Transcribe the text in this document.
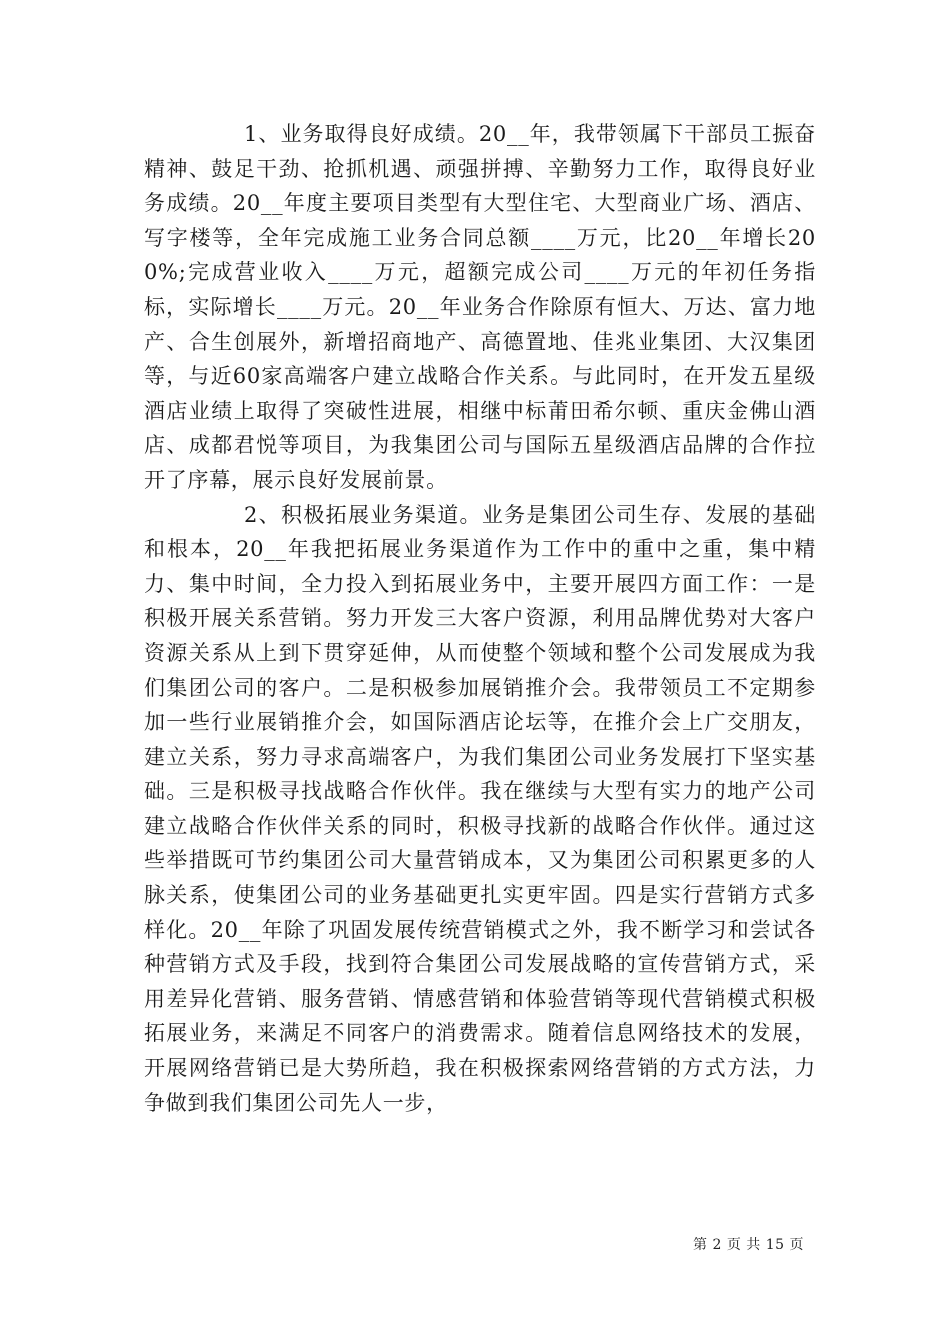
1、业务取得良好成绩。20__年，我带领属下干部员工振奋精神、鼓足干劲、抢抓机遇、顽强拼搏、辛勤努力工作，取得良好业务成绩。20__年度主要项目类型有大型住宅、大型商业广场、酒店、写字楼等，全年完成施工业务合同总额____万元，比20__年增长200%;完成营业收入____万元，超额完成公司____万元的年初任务指标，实际增长____万元。20__年业务合作除原有恒大、万达、富力地产、合生创展外，新增招商地产、高德置地、佳兆业集团、大汉集团等，与近60家高端客户建立战略合作关系。与此同时，在开发五星级酒店业绩上取得了突破性进展，相继中标莆田希尔顿、重庆金佛山酒店、成都君悦等项目，为我集团公司与国际五星级酒店品牌的合作拉开了序幕，展示良好发展前景。

2、积极拓展业务渠道。业务是集团公司生存、发展的基础和根本，20__年我把拓展业务渠道作为工作中的重中之重，集中精力、集中时间，全力投入到拓展业务中，主要开展四方面工作：一是积极开展关系营销。努力开发三大客户资源，利用品牌优势对大客户资源关系从上到下贯穿延伸，从而使整个领域和整个公司发展成为我们集团公司的客户。二是积极参加展销推介会。我带领员工不定期参加一些行业展销推介会，如国际酒店论坛等，在推介会上广交朋友，建立关系，努力寻求高端客户，为我们集团公司业务发展打下坚实基础。三是积极寻找战略合作伙伴。我在继续与大型有实力的地产公司建立战略合作伙伴关系的同时，积极寻找新的战略合作伙伴。通过这些举措既可节约集团公司大量营销成本，又为集团公司积累更多的人脉关系，使集团公司的业务基础更扎实更牢固。四是实行营销方式多样化。20__年除了巩固发展传统营销模式之外，我不断学习和尝试各种营销方式及手段，找到符合集团公司发展战略的宣传营销方式，采用差异化营销、服务营销、情感营销和体验营销等现代营销模式积极拓展业务，来满足不同客户的消费需求。随着信息网络技术的发展，开展网络营销已是大势所趋，我在积极探索网络营销的方式方法，力争做到我们集团公司先人一步，

第 2 页 共 15 页
